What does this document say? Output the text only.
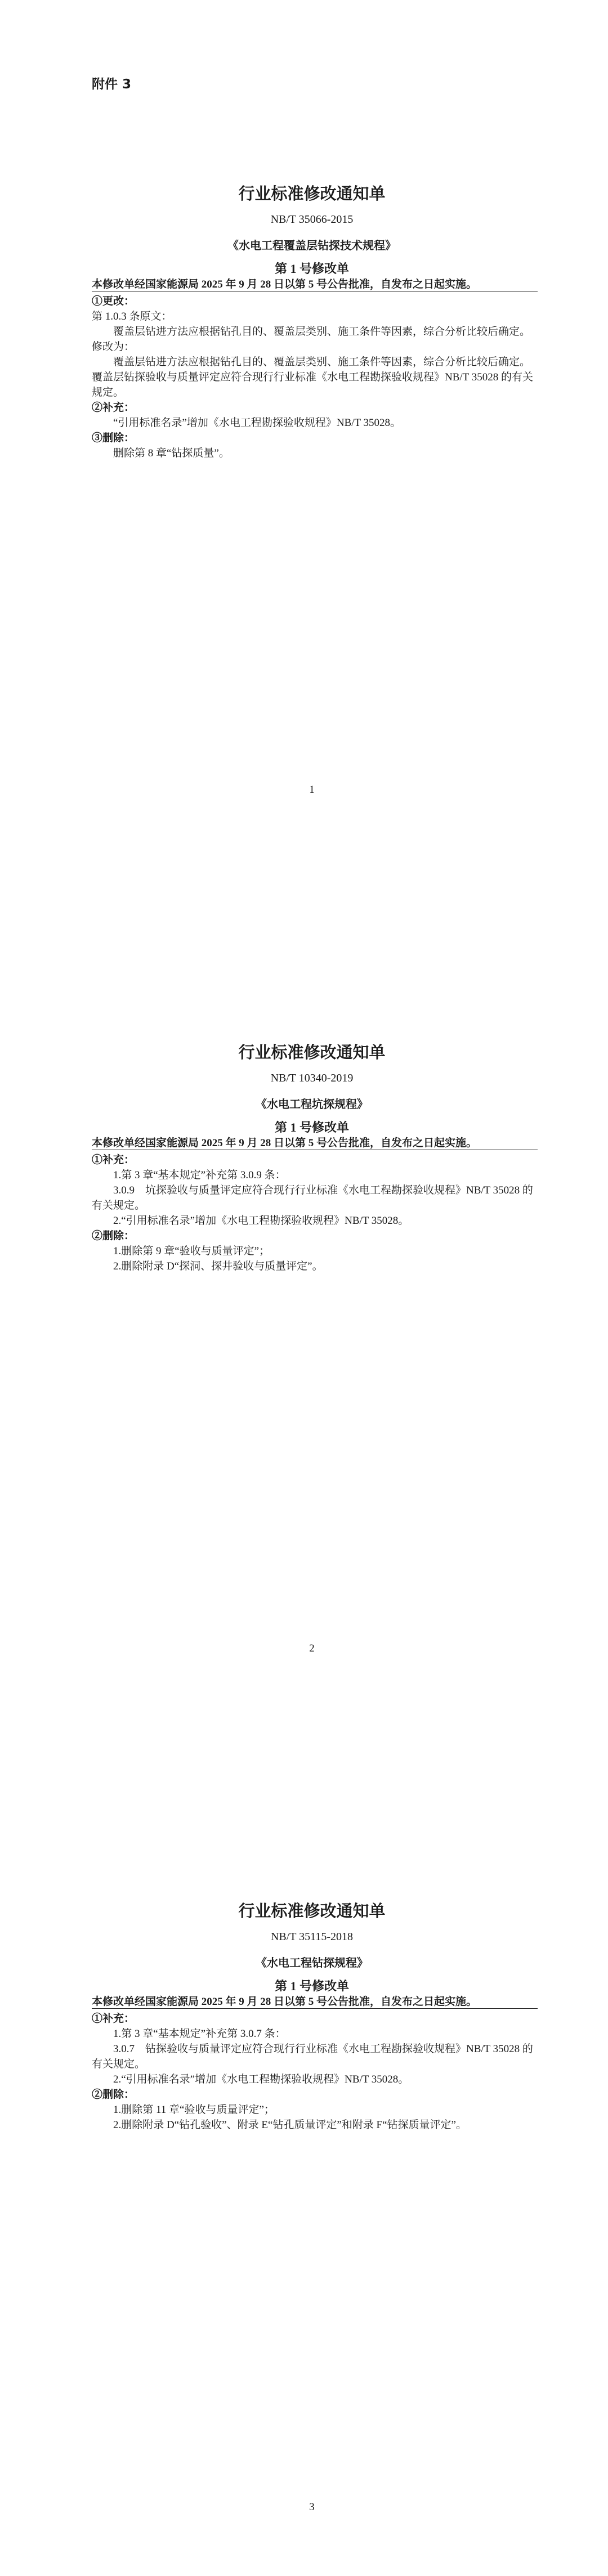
附件 3
行业标准修改通知单
NB/T 35066-2015
《水电工程覆盖层钻探技术规程》
第 1 号修改单
本修改单经国家能源局 2025 年 9 月 28 日以第 5 号公告批准，自发布之日起实施。
①更改：
第 1.0.3 条原文：
覆盖层钻进方法应根据钻孔目的、覆盖层类别、施工条件等因素，综合分析比较后确定。
修改为：
覆盖层钻进方法应根据钻孔目的、覆盖层类别、施工条件等因素，综合分析比较后确定。
覆盖层钻探验收与质量评定应符合现行行业标准《水电工程勘探验收规程》NB/T 35028 的有关
规定。
②补充：
“引用标准名录”增加《水电工程勘探验收规程》NB/T 35028。
③删除：
删除第 8 章“钻探质量”。
1
行业标准修改通知单
NB/T 10340-2019
《水电工程坑探规程》
第 1 号修改单
本修改单经国家能源局 2025 年 9 月 28 日以第 5 号公告批准，自发布之日起实施。
①补充：
1.第 3 章“基本规定”补充第 3.0.9 条：
3.0.9　坑探验收与质量评定应符合现行行业标准《水电工程勘探验收规程》NB/T 35028 的
有关规定。
2.“引用标准名录”增加《水电工程勘探验收规程》NB/T 35028。
②删除：
1.删除第 9 章“验收与质量评定”；
2.删除附录 D“探洞、探井验收与质量评定”。
2
行业标准修改通知单
NB/T 35115-2018
《水电工程钻探规程》
第 1 号修改单
本修改单经国家能源局 2025 年 9 月 28 日以第 5 号公告批准，自发布之日起实施。
①补充：
1.第 3 章“基本规定”补充第 3.0.7 条：
3.0.7　钻探验收与质量评定应符合现行行业标准《水电工程勘探验收规程》NB/T 35028 的
有关规定。
2.“引用标准名录”增加《水电工程勘探验收规程》NB/T 35028。
②删除：
1.删除第 11 章“验收与质量评定”；
2.删除附录 D“钻孔验收”、附录 E“钻孔质量评定”和附录 F“钻探质量评定”。
3
